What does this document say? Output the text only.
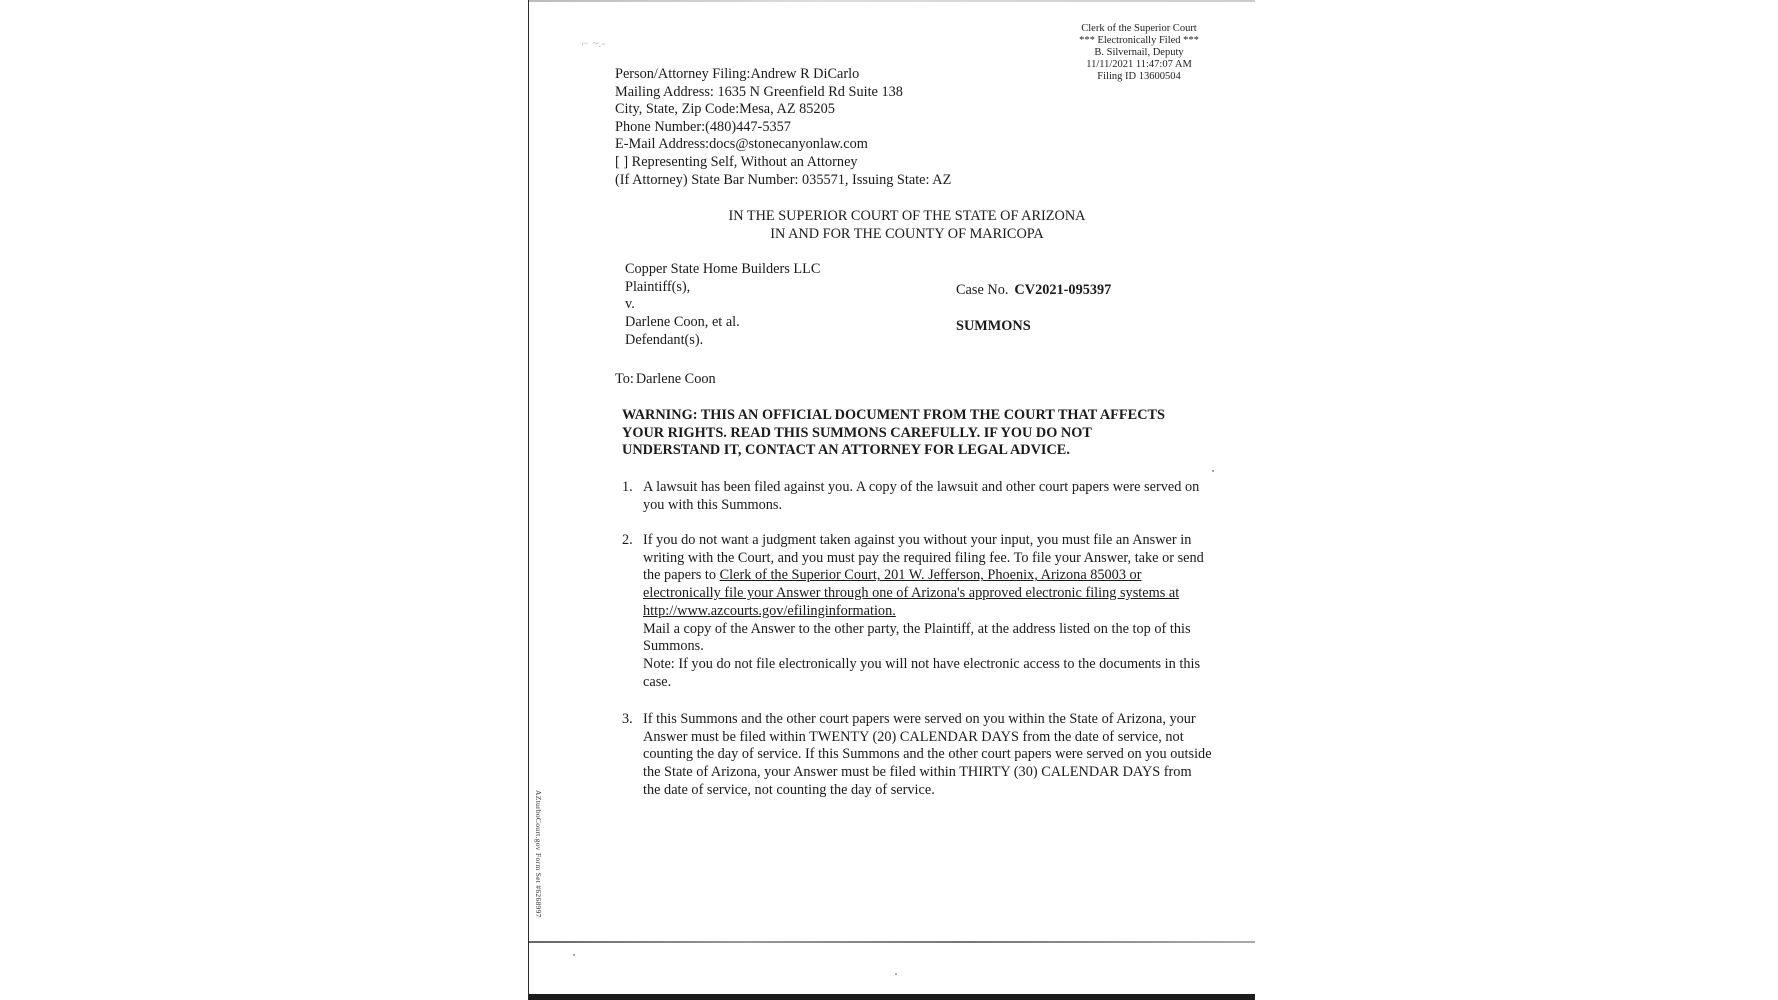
⌐ ~.-
Clerk of the Superior Court
*** Electronically Filed ***
B. Silvernail, Deputy
11/11/2021 11:47:07 AM
Filing ID 13600504
Person/Attorney Filing:Andrew R DiCarlo
Mailing Address: 1635 N Greenfield Rd Suite 138
City, State, Zip Code:Mesa, AZ 85205
Phone Number:(480)447-5357
E-Mail Address:docs@stonecanyonlaw.com
[ ] Representing Self, Without an Attorney
(If Attorney) State Bar Number: 035571, Issuing State: AZ
IN THE SUPERIOR COURT OF THE STATE OF ARIZONA
IN AND FOR THE COUNTY OF MARICOPA
Copper State Home Builders LLC
Plaintiff(s),
v.
Darlene Coon, et al.
Defendant(s).
Case No. CV2021-095397
SUMMONS
To: Darlene Coon
WARNING: THIS AN OFFICIAL DOCUMENT FROM THE COURT THAT AFFECTS YOUR RIGHTS. READ THIS SUMMONS CAREFULLY. IF YOU DO NOT UNDERSTAND IT, CONTACT AN ATTORNEY FOR LEGAL ADVICE.
1. A lawsuit has been filed against you. A copy of the lawsuit and other court papers were served on you with this Summons.
2. If you do not want a judgment taken against you without your input, you must file an Answer in writing with the Court, and you must pay the required filing fee. To file your Answer, take or send the papers to Clerk of the Superior Court, 201 W. Jefferson, Phoenix, Arizona 85003 or electronically file your Answer through one of Arizona's approved electronic filing systems at http://www.azcourts.gov/efilinginformation.
Mail a copy of the Answer to the other party, the Plaintiff, at the address listed on the top of this Summons.
Note: If you do not file electronically you will not have electronic access to the documents in this case.
3. If this Summons and the other court papers were served on you within the State of Arizona, your Answer must be filed within TWENTY (20) CALENDAR DAYS from the date of service, not counting the day of service. If this Summons and the other court papers were served on you outside the State of Arizona, your Answer must be filed within THIRTY (30) CALENDAR DAYS from the date of service, not counting the day of service.
AZturboCourt.gov Form Set #6268997
